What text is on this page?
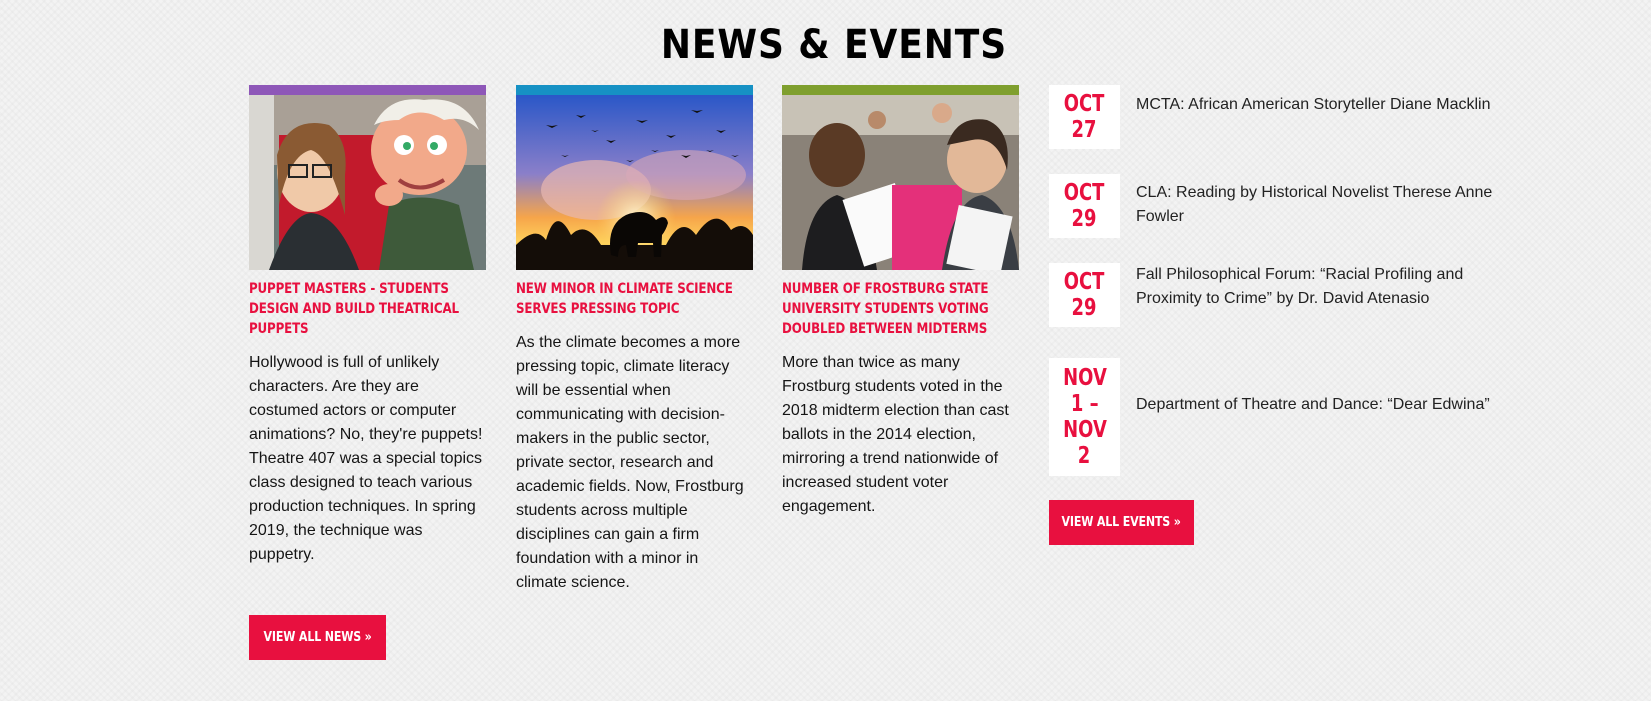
NEWS & EVENTS
PUPPET MASTERS - STUDENTS DESIGN AND BUILD THEATRICAL PUPPETS

Hollywood is full of unlikely characters. Are they are costumed actors or computer animations? No, they're puppets! Theatre 407 was a special topics class designed to teach various production techniques. In spring 2019, the technique was puppetry.

NEW MINOR IN CLIMATE SCIENCE SERVES PRESSING TOPIC

As the climate becomes a more pressing topic, climate literacy will be essential when communicating with decision-makers in the public sector, private sector, research and academic fields. Now, Frostburg students across multiple disciplines can gain a firm foundation with a minor in climate science.

NUMBER OF FROSTBURG STATE UNIVERSITY STUDENTS VOTING DOUBLED BETWEEN MIDTERMS

More than twice as many Frostburg students voted in the 2018 midterm election than cast ballots in the 2014 election, mirroring a trend nationwide of increased student voter engagement.

VIEW ALL NEWS »
OCT
27
MCTA: African American Storyteller Diane Macklin
OCT
29
CLA: Reading by Historical Novelist Therese Anne Fowler
OCT
29
Fall Philosophical Forum: “Racial Profiling and Proximity to Crime” by Dr. David Atenasio
NOV
1 –
NOV
2
Department of Theatre and Dance: “Dear Edwina”
VIEW ALL EVENTS »
